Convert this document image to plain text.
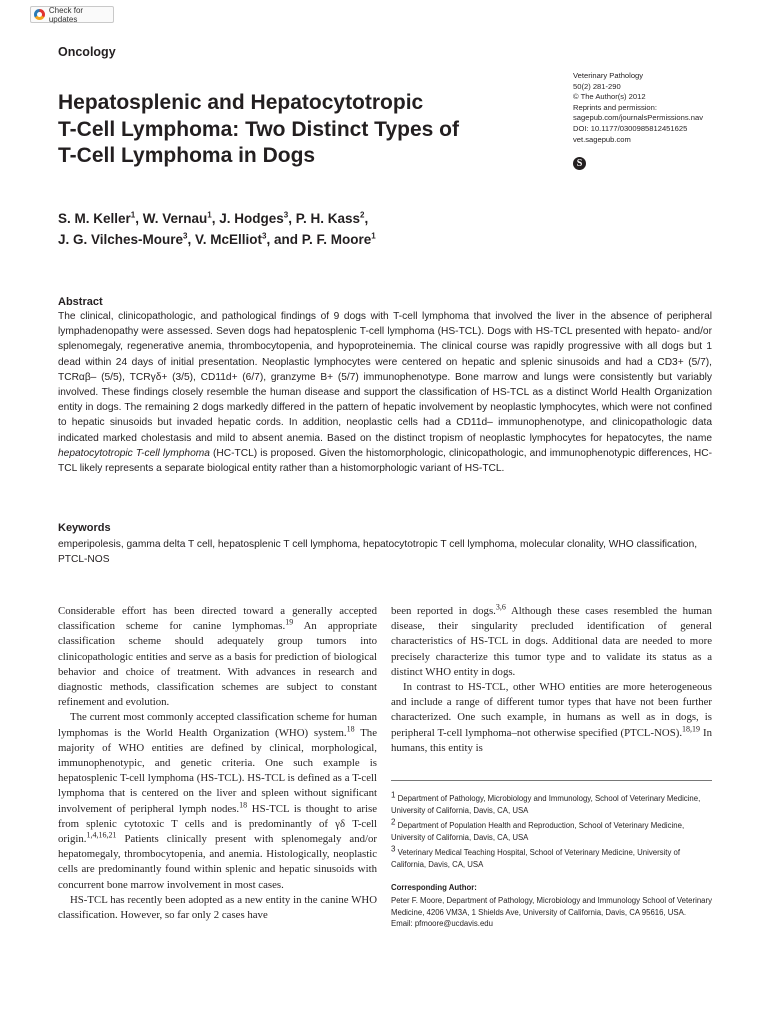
Check for updates
Oncology
Hepatosplenic and Hepatocytotropic
T-Cell Lymphoma: Two Distinct Types of
T-Cell Lymphoma in Dogs
Veterinary Pathology
50(2) 281-290
© The Author(s) 2012
Reprints and permission:
sagepub.com/journalsPermissions.nav
DOI: 10.1177/0300985812451625
vet.sagepub.com
S
S. M. Keller$^1$, W. Vernau$^1$, J. Hodges$^3$, P. H. Kass$^2$,
J. G. Vilches-Moure$^3$, V. McElliot$^3$, and P. F. Moore$^1$
Abstract
The clinical, clinicopathologic, and pathological findings of 9 dogs with T-cell lymphoma that involved the liver in the absence of peripheral lymphadenopathy were assessed. Seven dogs had hepatosplenic T-cell lymphoma (HS-TCL). Dogs with HS-TCL presented with hepato- and/or splenomegaly, regenerative anemia, thrombocytopenia, and hypoproteinemia. The clinical course was rapidly progressive with all dogs but 1 dead within 24 days of initial presentation. Neoplastic lymphocytes were centered on hepatic and splenic sinusoids and had a CD3+ (5/7), TCRαβ– (5/5), TCRγδ+ (3/5), CD11d+ (6/7), granzyme B+ (5/7) immunophenotype. Bone marrow and lungs were consistently but variably involved. These findings closely resemble the human disease and support the classification of HS-TCL as a distinct World Health Organization entity in dogs. The remaining 2 dogs markedly differed in the pattern of hepatic involvement by neoplastic lymphocytes, which were not confined to hepatic sinusoids but invaded hepatic cords. In addition, neoplastic cells had a CD11d– immunophenotype, and clinicopathologic data indicated marked cholestasis and mild to absent anemia. Based on the distinct tropism of neoplastic lymphocytes for hepatocytes, the name hepatocytotropic T-cell lymphoma (HC-TCL) is proposed. Given the histomorphologic, clinicopathologic, and immunophenotypic differences, HC-TCL likely represents a separate biological entity rather than a histomorphologic variant of HS-TCL.
Keywords
emperipolesis, gamma delta T cell, hepatosplenic T cell lymphoma, hepatocytotropic T cell lymphoma, molecular clonality, WHO classification, PTCL-NOS

Considerable effort has been directed toward a generally accepted classification scheme for canine lymphomas.$^{19}$ An appropriate classification scheme should adequately group tumors into clinicopathologic entities and serve as a basis for prediction of biological behavior and choice of treatment. With advances in research and diagnostic methods, classification schemes are subject to constant refinement and evolution.

The current most commonly accepted classification scheme for human lymphomas is the World Health Organization (WHO) system.$^{18}$ The majority of WHO entities are defined by clinical, morphological, immunophenotypic, and genetic criteria. One such example is hepatosplenic T-cell lymphoma (HS-TCL). HS-TCL is defined as a T-cell lymphoma that is centered on the liver and spleen without significant involvement of peripheral lymph nodes.$^{18}$ HS-TCL is thought to arise from splenic cytotoxic T cells and is predominantly of γδ T-cell origin.$^{1,4,16,21}$ Patients clinically present with splenomegaly and/or hepatomegaly, thrombocytopenia, and anemia. Histologically, neoplastic cells are predominantly found within splenic and hepatic sinusoids with concurrent bone marrow involvement in most cases.

HS-TCL has recently been adopted as a new entity in the canine WHO classification. However, so far only 2 cases have

been reported in dogs.$^{3,6}$ Although these cases resembled the human disease, their singularity precluded identification of general characteristics of HS-TCL in dogs. Additional data are needed to more precisely characterize this tumor type and to validate its status as a distinct WHO entity in dogs.

In contrast to HS-TCL, other WHO entities are more heterogeneous and include a range of different tumor types that have not been further characterized. One such example, in humans as well as in dogs, is peripheral T-cell lymphoma–not otherwise specified (PTCL-NOS).$^{18,19}$ In humans, this entity is

$^1$ Department of Pathology, Microbiology and Immunology, School of Veterinary Medicine, University of California, Davis, CA, USA

$^2$ Department of Population Health and Reproduction, School of Veterinary Medicine, University of California, Davis, CA, USA

$^3$ Veterinary Medical Teaching Hospital, School of Veterinary Medicine, University of California, Davis, CA, USA

Corresponding Author:
Peter F. Moore, Department of Pathology, Microbiology and Immunology School of Veterinary Medicine, 4206 VM3A, 1 Shields Ave, University of California, Davis, CA 95616, USA.
Email: pfmoore@ucdavis.edu
